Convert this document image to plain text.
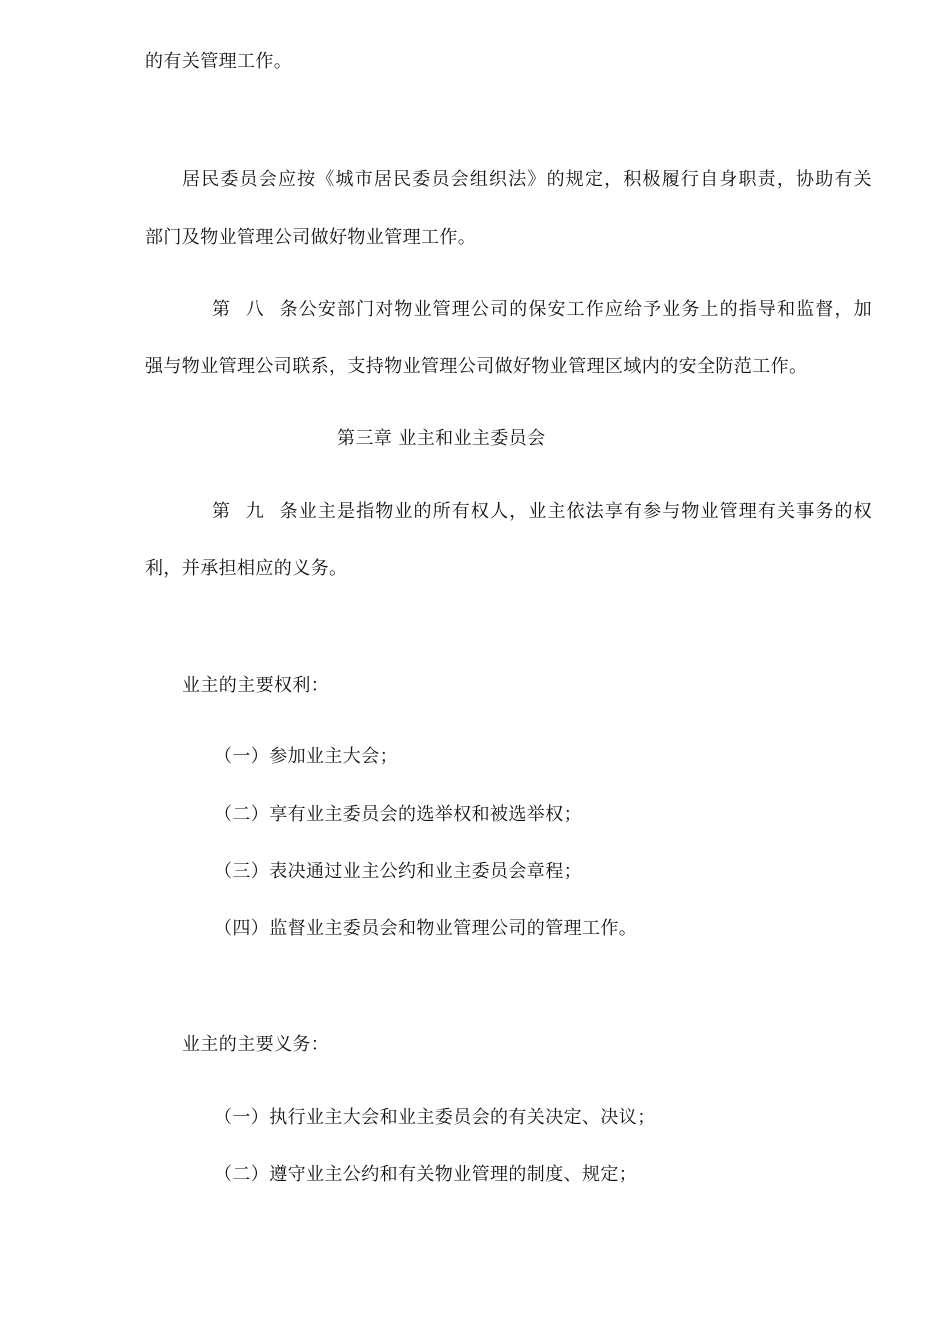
的有关管理工作。
居民委员会应按《城市居民委员会组织法》的规定，积极履行自身职责，协助有关
部门及物业管理公司做好物业管理工作。
第八条公安部门对物业管理公司的保安工作应给予业务上的指导和监督，加
强与物业管理公司联系，支持物业管理公司做好物业管理区域内的安全防范工作。
第三章 业主和业主委员会
第九条业主是指物业的所有权人，业主依法享有参与物业管理有关事务的权
利，并承担相应的义务。
业主的主要权利：
（一）参加业主大会；
（二）享有业主委员会的选举权和被选举权；
（三）表决通过业主公约和业主委员会章程；
（四）监督业主委员会和物业管理公司的管理工作。
业主的主要义务：
（一）执行业主大会和业主委员会的有关决定、决议；
（二）遵守业主公约和有关物业管理的制度、规定；
